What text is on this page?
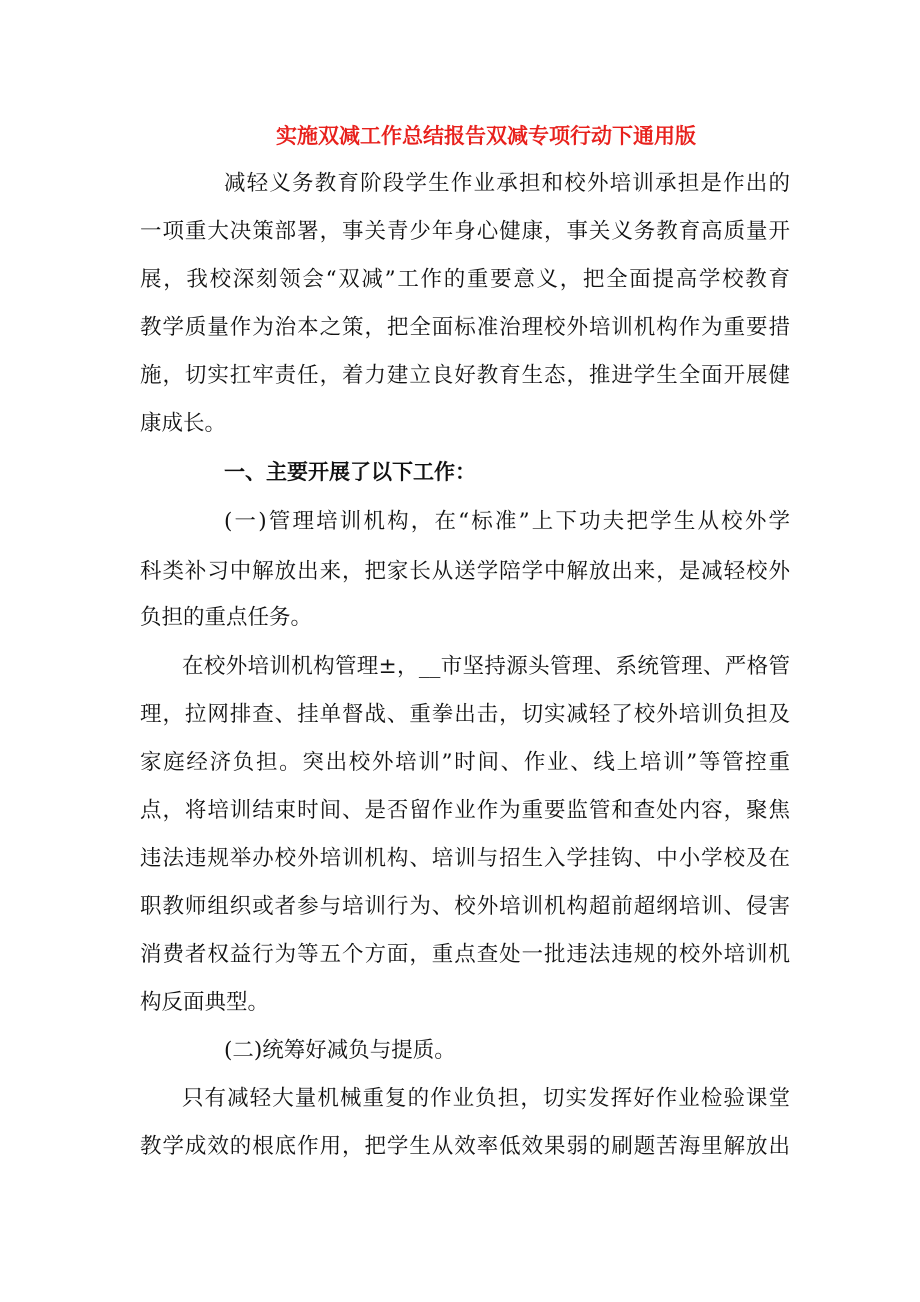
实施双减工作总结报告双减专项行动下通用版
减轻义务教育阶段学生作业承担和校外培训承担是作出的
一项重大决策部署，事关青少年身心健康，事关义务教育高质量开
展，我校深刻领会“双减”工作的重要意义，把全面提高学校教育
教学质量作为治本之策，把全面标准治理校外培训机构作为重要措
施，切实扛牢责任，着力建立良好教育生态，推进学生全面开展健
康成长。
一、主要开展了以下工作：
(一)管理培训机构，在“标准”上下功夫把学生从校外学
科类补习中解放出来，把家长从送学陪学中解放出来，是减轻校外
负担的重点任务。
在校外培训机构管理±，__市坚持源头管理、系统管理、严格管
理，拉网排查、挂单督战、重拳出击，切实减轻了校外培训负担及
家庭经济负担。突出校外培训”时间、作业、线上培训”等管控重
点，将培训结束时间、是否留作业作为重要监管和查处内容，聚焦
违法违规举办校外培训机构、培训与招生入学挂钩、中小学校及在
职教师组织或者参与培训行为、校外培训机构超前超纲培训、侵害
消费者权益行为等五个方面，重点查处一批违法违规的校外培训机
构反面典型。
(二)统筹好减负与提质。
只有减轻大量机械重复的作业负担，切实发挥好作业检验课堂
教学成效的根底作用，把学生从效率低效果弱的刷题苦海里解放出
